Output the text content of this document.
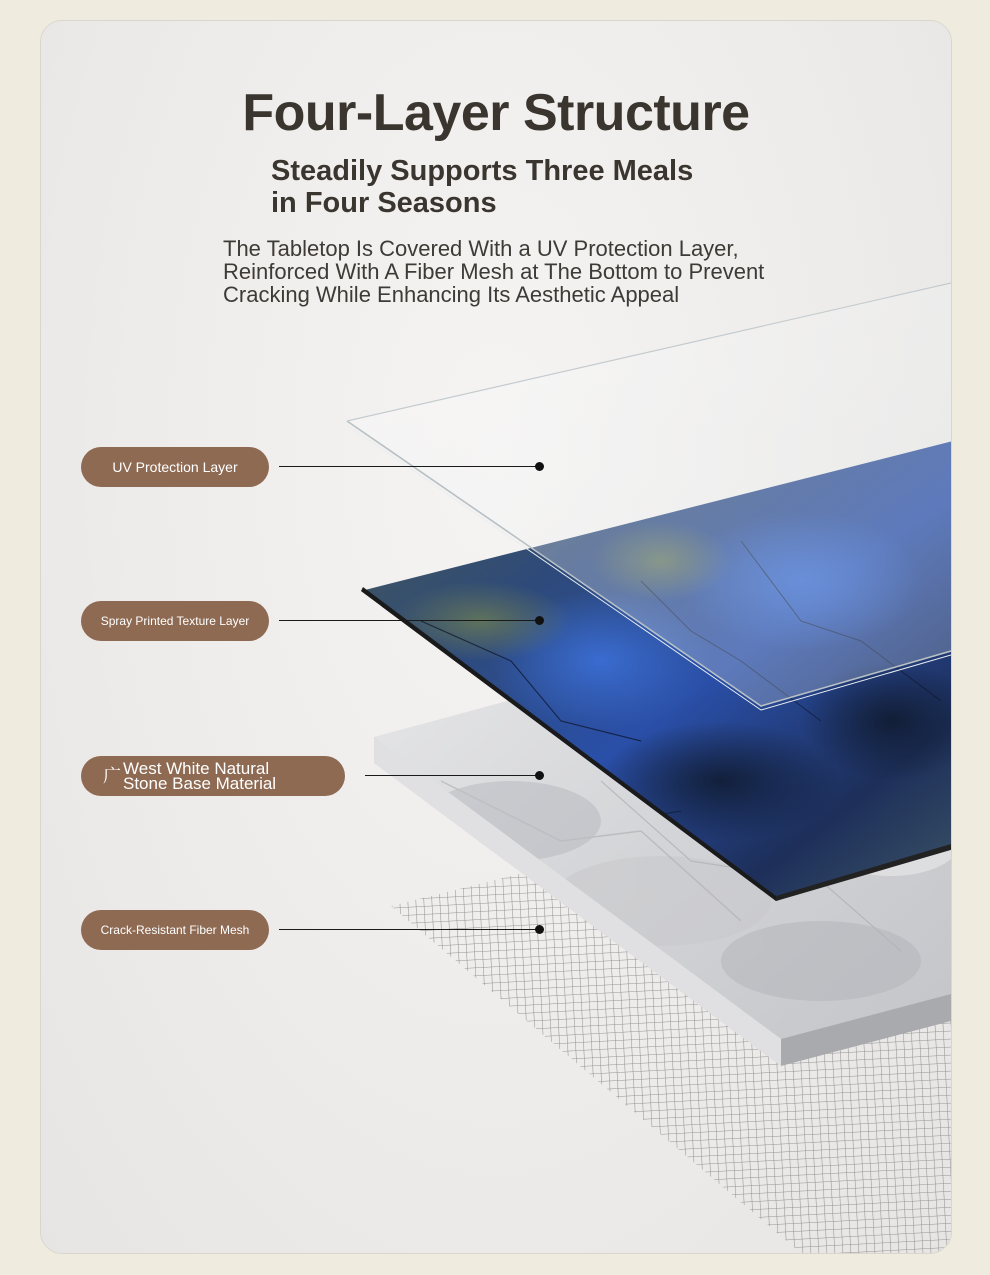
Four-Layer Structure
Steadily Supports Three Meals
in Four Seasons
The Tabletop Is Covered With a UV Protection Layer,
Reinforced With A Fiber Mesh at The Bottom to Prevent
Cracking While Enhancing Its Aesthetic Appeal
UV Protection Layer
Spray Printed Texture Layer
广 West White Natural
Stone Base Material
Crack-Resistant Fiber Mesh
